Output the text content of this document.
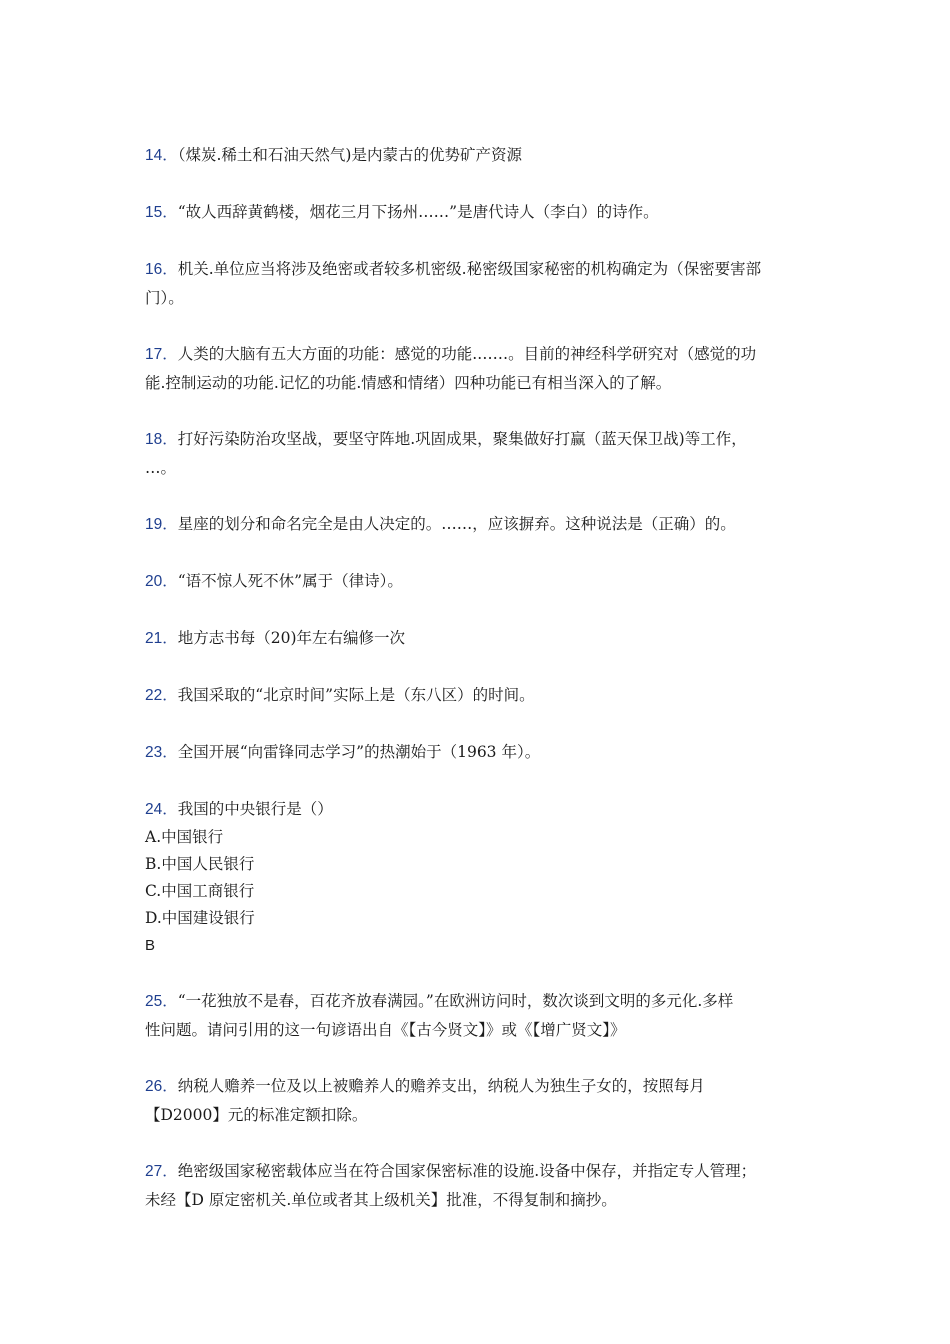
14．（煤炭.稀土和石油天然气)是内蒙古的优势矿产资源
15．“故人西辞黄鹤楼，烟花三月下扬州……”是唐代诗人（李白）的诗作。
16．机关.单位应当将涉及绝密或者较多机密级.秘密级国家秘密的机构确定为（保密要害部
门）。
17．人类的大脑有五大方面的功能：感觉的功能.……。目前的神经科学研究对（感觉的功
能.控制运动的功能.记忆的功能.情感和情绪）四种功能已有相当深入的了解。
18．打好污染防治攻坚战，要坚守阵地.巩固成果，聚集做好打赢（蓝天保卫战)等工作，
…。
19．星座的划分和命名完全是由人决定的。……，应该摒弃。这种说法是（正确）的。
20．“语不惊人死不休”属于（律诗）。
21．地方志书每（20)年左右编修一次
22．我国采取的“北京时间”实际上是（东八区）的时间。
23．全国开展“向雷锋同志学习”的热潮始于（1963 年）。
24．我国的中央银行是（）
A.中国银行
B.中国人民银行
C.中国工商银行
D.中国建设银行
B
25．“一花独放不是春，百花齐放春满园。”在欧洲访问时，数次谈到文明的多元化.多样
性问题。请问引用的这一句谚语出自《【古今贤文】》或《【增广贤文】》
26．纳税人赡养一位及以上被赡养人的赡养支出，纳税人为独生子女的，按照每月
【D2000】元的标准定额扣除。
27．绝密级国家秘密载体应当在符合国家保密标准的设施.设备中保存，并指定专人管理；
未经【D 原定密机关.单位或者其上级机关】批准，不得复制和摘抄。
